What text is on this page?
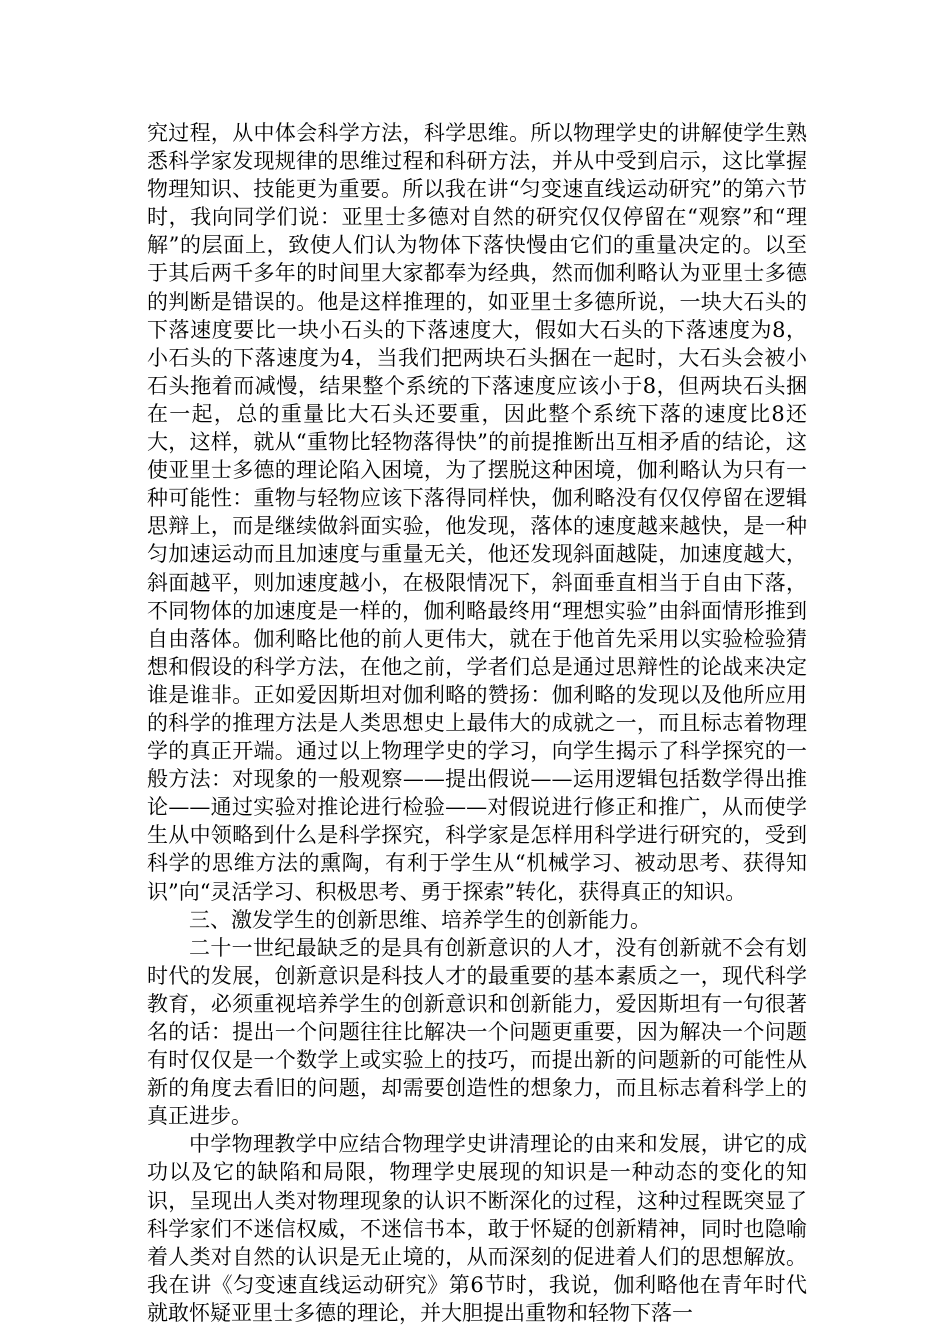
究过程，从中体会科学方法，科学思维。所以物理学史的讲解使学生熟悉科学家发现规律的思维过程和科研方法，并从中受到启示，这比掌握物理知识、技能更为重要。所以我在讲“匀变速直线运动研究”的第六节时，我向同学们说：亚里士多德对自然的研究仅仅停留在“观察”和“理解”的层面上，致使人们认为物体下落快慢由它们的重量决定的。以至于其后两千多年的时间里大家都奉为经典，然而伽利略认为亚里士多德的判断是错误的。他是这样推理的，如亚里士多德所说，一块大石头的下落速度要比一块小石头的下落速度大，假如大石头的下落速度为8，小石头的下落速度为4，当我们把两块石头捆在一起时，大石头会被小石头拖着而减慢，结果整个系统的下落速度应该小于8，但两块石头捆在一起，总的重量比大石头还要重，因此整个系统下落的速度比8还大，这样，就从“重物比轻物落得快”的前提推断出互相矛盾的结论，这使亚里士多德的理论陷入困境，为了摆脱这种困境，伽利略认为只有一种可能性：重物与轻物应该下落得同样快，伽利略没有仅仅停留在逻辑思辩上，而是继续做斜面实验，他发现，落体的速度越来越快，是一种匀加速运动而且加速度与重量无关，他还发现斜面越陡，加速度越大，斜面越平，则加速度越小，在极限情况下，斜面垂直相当于自由下落，不同物体的加速度是一样的，伽利略最终用“理想实验”由斜面情形推到自由落体。伽利略比他的前人更伟大，就在于他首先采用以实验检验猜想和假设的科学方法，在他之前，学者们总是通过思辩性的论战来决定谁是谁非。正如爱因斯坦对伽利略的赞扬：伽利略的发现以及他所应用的科学的推理方法是人类思想史上最伟大的成就之一，而且标志着物理学的真正开端。通过以上物理学史的学习，向学生揭示了科学探究的一般方法：对现象的一般观察——提出假说——运用逻辑包括数学得出推论——通过实验对推论进行检验——对假说进行修正和推广，从而使学生从中领略到什么是科学探究，科学家是怎样用科学进行研究的，受到科学的思维方法的熏陶，有利于学生从“机械学习、被动思考、获得知识”向“灵活学习、积极思考、勇于探索”转化，获得真正的知识。

三、激发学生的创新思维、培养学生的创新能力。

二十一世纪最缺乏的是具有创新意识的人才，没有创新就不会有划时代的发展，创新意识是科技人才的最重要的基本素质之一，现代科学教育，必须重视培养学生的创新意识和创新能力，爱因斯坦有一句很著名的话：提出一个问题往往比解决一个问题更重要，因为解决一个问题有时仅仅是一个数学上或实验上的技巧，而提出新的问题新的可能性从新的角度去看旧的问题，却需要创造性的想象力，而且标志着科学上的真正进步。

中学物理教学中应结合物理学史讲清理论的由来和发展，讲它的成功以及它的缺陷和局限，物理学史展现的知识是一种动态的变化的知识，呈现出人类对物理现象的认识不断深化的过程，这种过程既突显了科学家们不迷信权威，不迷信书本，敢于怀疑的创新精神，同时也隐喻着人类对自然的认识是无止境的，从而深刻的促进着人们的思想解放。我在讲《匀变速直线运动研究》第6节时，我说，伽利略他在青年时代就敢怀疑亚里士多德的理论，并大胆提出重物和轻物下落一
